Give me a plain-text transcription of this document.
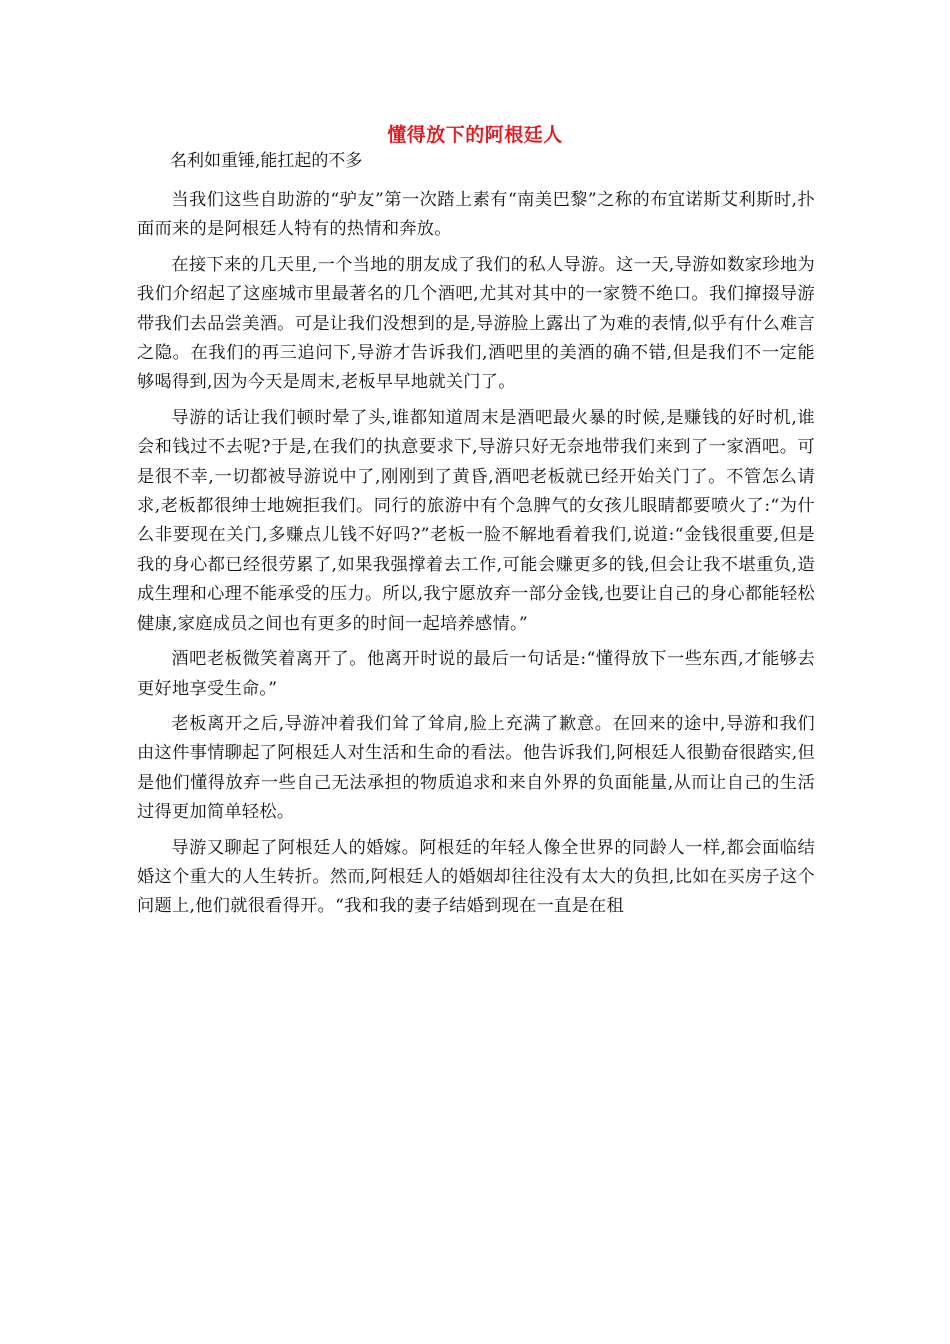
懂得放下的阿根廷人

名利如重锤,能扛起的不多

当我们这些自助游的“驴友”第一次踏上素有“南美巴黎”之称的布宜诺斯艾利斯时,扑面而来的是阿根廷人特有的热情和奔放。

在接下来的几天里,一个当地的朋友成了我们的私人导游。这一天,导游如数家珍地为我们介绍起了这座城市里最著名的几个酒吧,尤其对其中的一家赞不绝口。我们撺掇导游带我们去品尝美酒。可是让我们没想到的是,导游脸上露出了为难的表情,似乎有什么难言之隐。在我们的再三追问下,导游才告诉我们,酒吧里的美酒的确不错,但是我们不一定能够喝得到,因为今天是周末,老板早早地就关门了。

导游的话让我们顿时晕了头,谁都知道周末是酒吧最火暴的时候,是赚钱的好时机,谁会和钱过不去呢?于是,在我们的执意要求下,导游只好无奈地带我们来到了一家酒吧。可是很不幸,一切都被导游说中了,刚刚到了黄昏,酒吧老板就已经开始关门了。不管怎么请求,老板都很绅士地婉拒我们。同行的旅游中有个急脾气的女孩儿眼睛都要喷火了:“为什么非要现在关门,多赚点儿钱不好吗?”老板一脸不解地看着我们,说道:“金钱很重要,但是我的身心都已经很劳累了,如果我强撑着去工作,可能会赚更多的钱,但会让我不堪重负,造成生理和心理不能承受的压力。所以,我宁愿放弃一部分金钱,也要让自己的身心都能轻松健康,家庭成员之间也有更多的时间一起培养感情。”

酒吧老板微笑着离开了。他离开时说的最后一句话是:“懂得放下一些东西,才能够去更好地享受生命。”

老板离开之后,导游冲着我们耸了耸肩,脸上充满了歉意。在回来的途中,导游和我们由这件事情聊起了阿根廷人对生活和生命的看法。他告诉我们,阿根廷人很勤奋很踏实,但是他们懂得放弃一些自己无法承担的物质追求和来自外界的负面能量,从而让自己的生活过得更加简单轻松。

导游又聊起了阿根廷人的婚嫁。阿根廷的年轻人像全世界的同龄人一样,都会面临结婚这个重大的人生转折。然而,阿根廷人的婚姻却往往没有太大的负担,比如在买房子这个问题上,他们就很看得开。“我和我的妻子结婚到现在一直是在租
